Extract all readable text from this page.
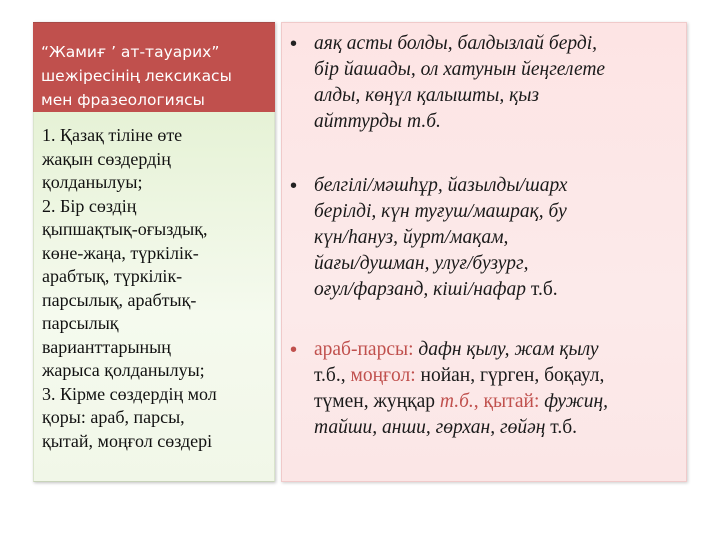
“Жамиғ ’ ат-тауарих”
шежіресінің лексикасы
мен фразеологиясы
1. Қазақ тіліне өте
жақын сөздердің
қолданылуы;
2. Бір сөздің
қыпшақтық-оғыздық,
көне-жаңа, түркілік-
арабтық, түркілік-
парсылық, арабтық-
парсылық
варианттарының
жарыса қолданылуы;
3. Кірме сөздердің мол
қоры: араб, парсы,
қытай, моңғол сөздері
• аяқ асты болды, балдызлай берді,
бір йашады, ол хатунын йеңгелете
алды, көңүл қалышты, қыз
айттурды т.б.
• белгілі/мәшһұр, йазылды/шарх
берілді, күн туғуш/машрақ, бу
күн/һануз, йурт/мақам,
йағы/душман, улуғ/бузург,
оғул/фарзанд, кіші/нафар т.б.
• араб-парсы: дафн қылу, жам қылу
т.б., моңғол: нойан, гүрген, боқаул,
түмен, жуңқар т.б., қытай: фужиң,
тайши, анши, гөрхан, гөйәң т.б.
